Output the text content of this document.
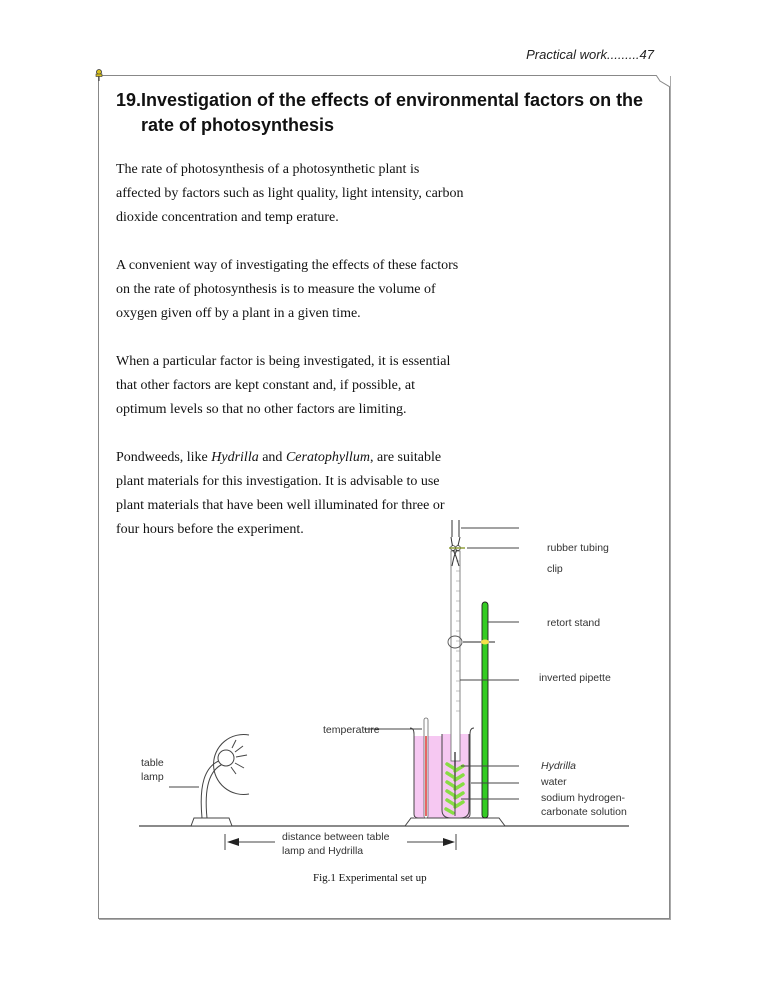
Practical work.........47
19.Investigation of the effects of environmental factors on the
rate of photosynthesis

The rate of photosynthesis of a photosynthetic plant is
affected by factors such as light quality, light intensity, carbon
dioxide concentration and temp erature.

A convenient way of investigating the effects of these factors
on the rate of photosynthesis is to measure the volume of
oxygen given off by a plant in a given time.

When a particular factor is being investigated, it is essential
that other factors are kept constant and, if possible, at
optimum levels so that no other factors are limiting.

Pondweeds, like Hydrilla and Ceratophyllum, are suitable
plant materials for this investigation. It is advisable to use
plant materials that have been well illuminated for three or
four hours before the experiment.

table
lamp
distance between table
lamp and Hydrilla
temperature
rubber tubing
clip
retort stand
inverted pipette
Hydrilla
water
sodium hydrogen-
carbonate solution
Fig.1 Experimental set up
